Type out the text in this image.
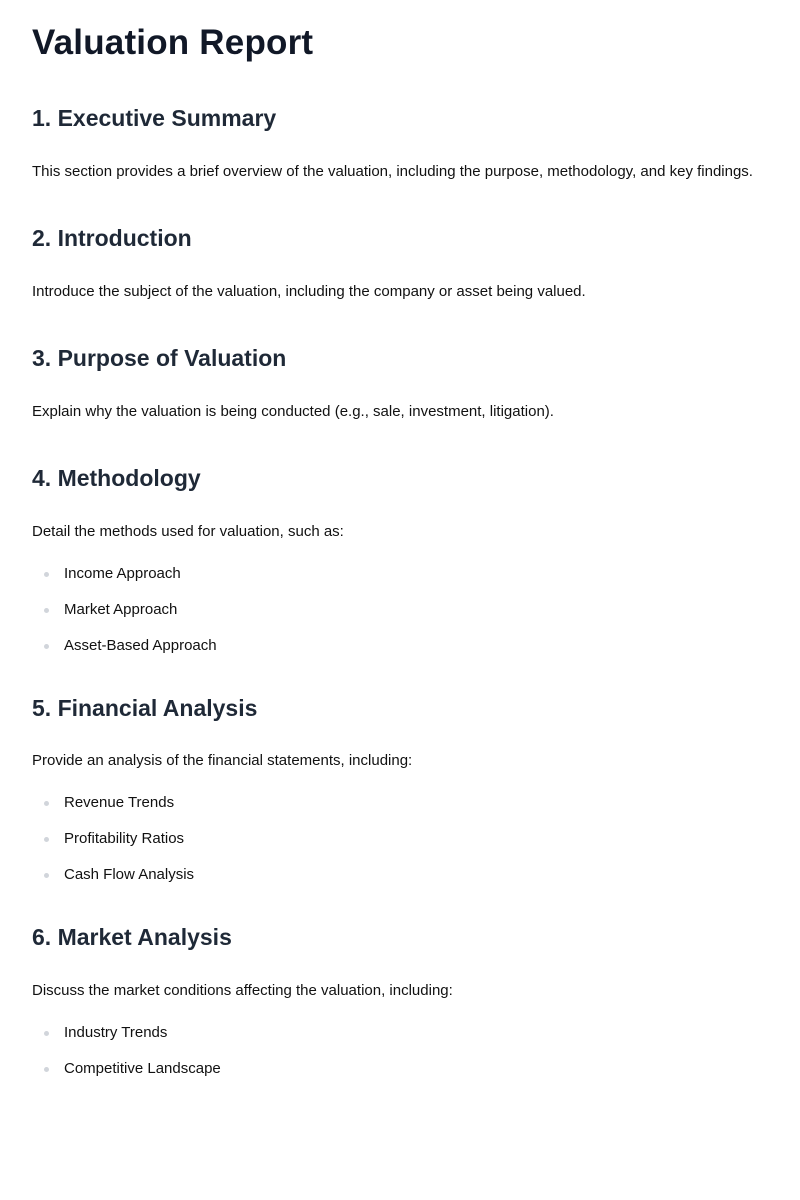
Valuation Report
1. Executive Summary

This section provides a brief overview of the valuation, including the purpose, methodology, and key findings.

2. Introduction

Introduce the subject of the valuation, including the company or asset being valued.

3. Purpose of Valuation

Explain why the valuation is being conducted (e.g., sale, investment, litigation).

4. Methodology

Detail the methods used for valuation, such as:

Income Approach
Market Approach
Asset-Based Approach
5. Financial Analysis

Provide an analysis of the financial statements, including:

Revenue Trends
Profitability Ratios
Cash Flow Analysis
6. Market Analysis

Discuss the market conditions affecting the valuation, including:

Industry Trends
Competitive Landscape
